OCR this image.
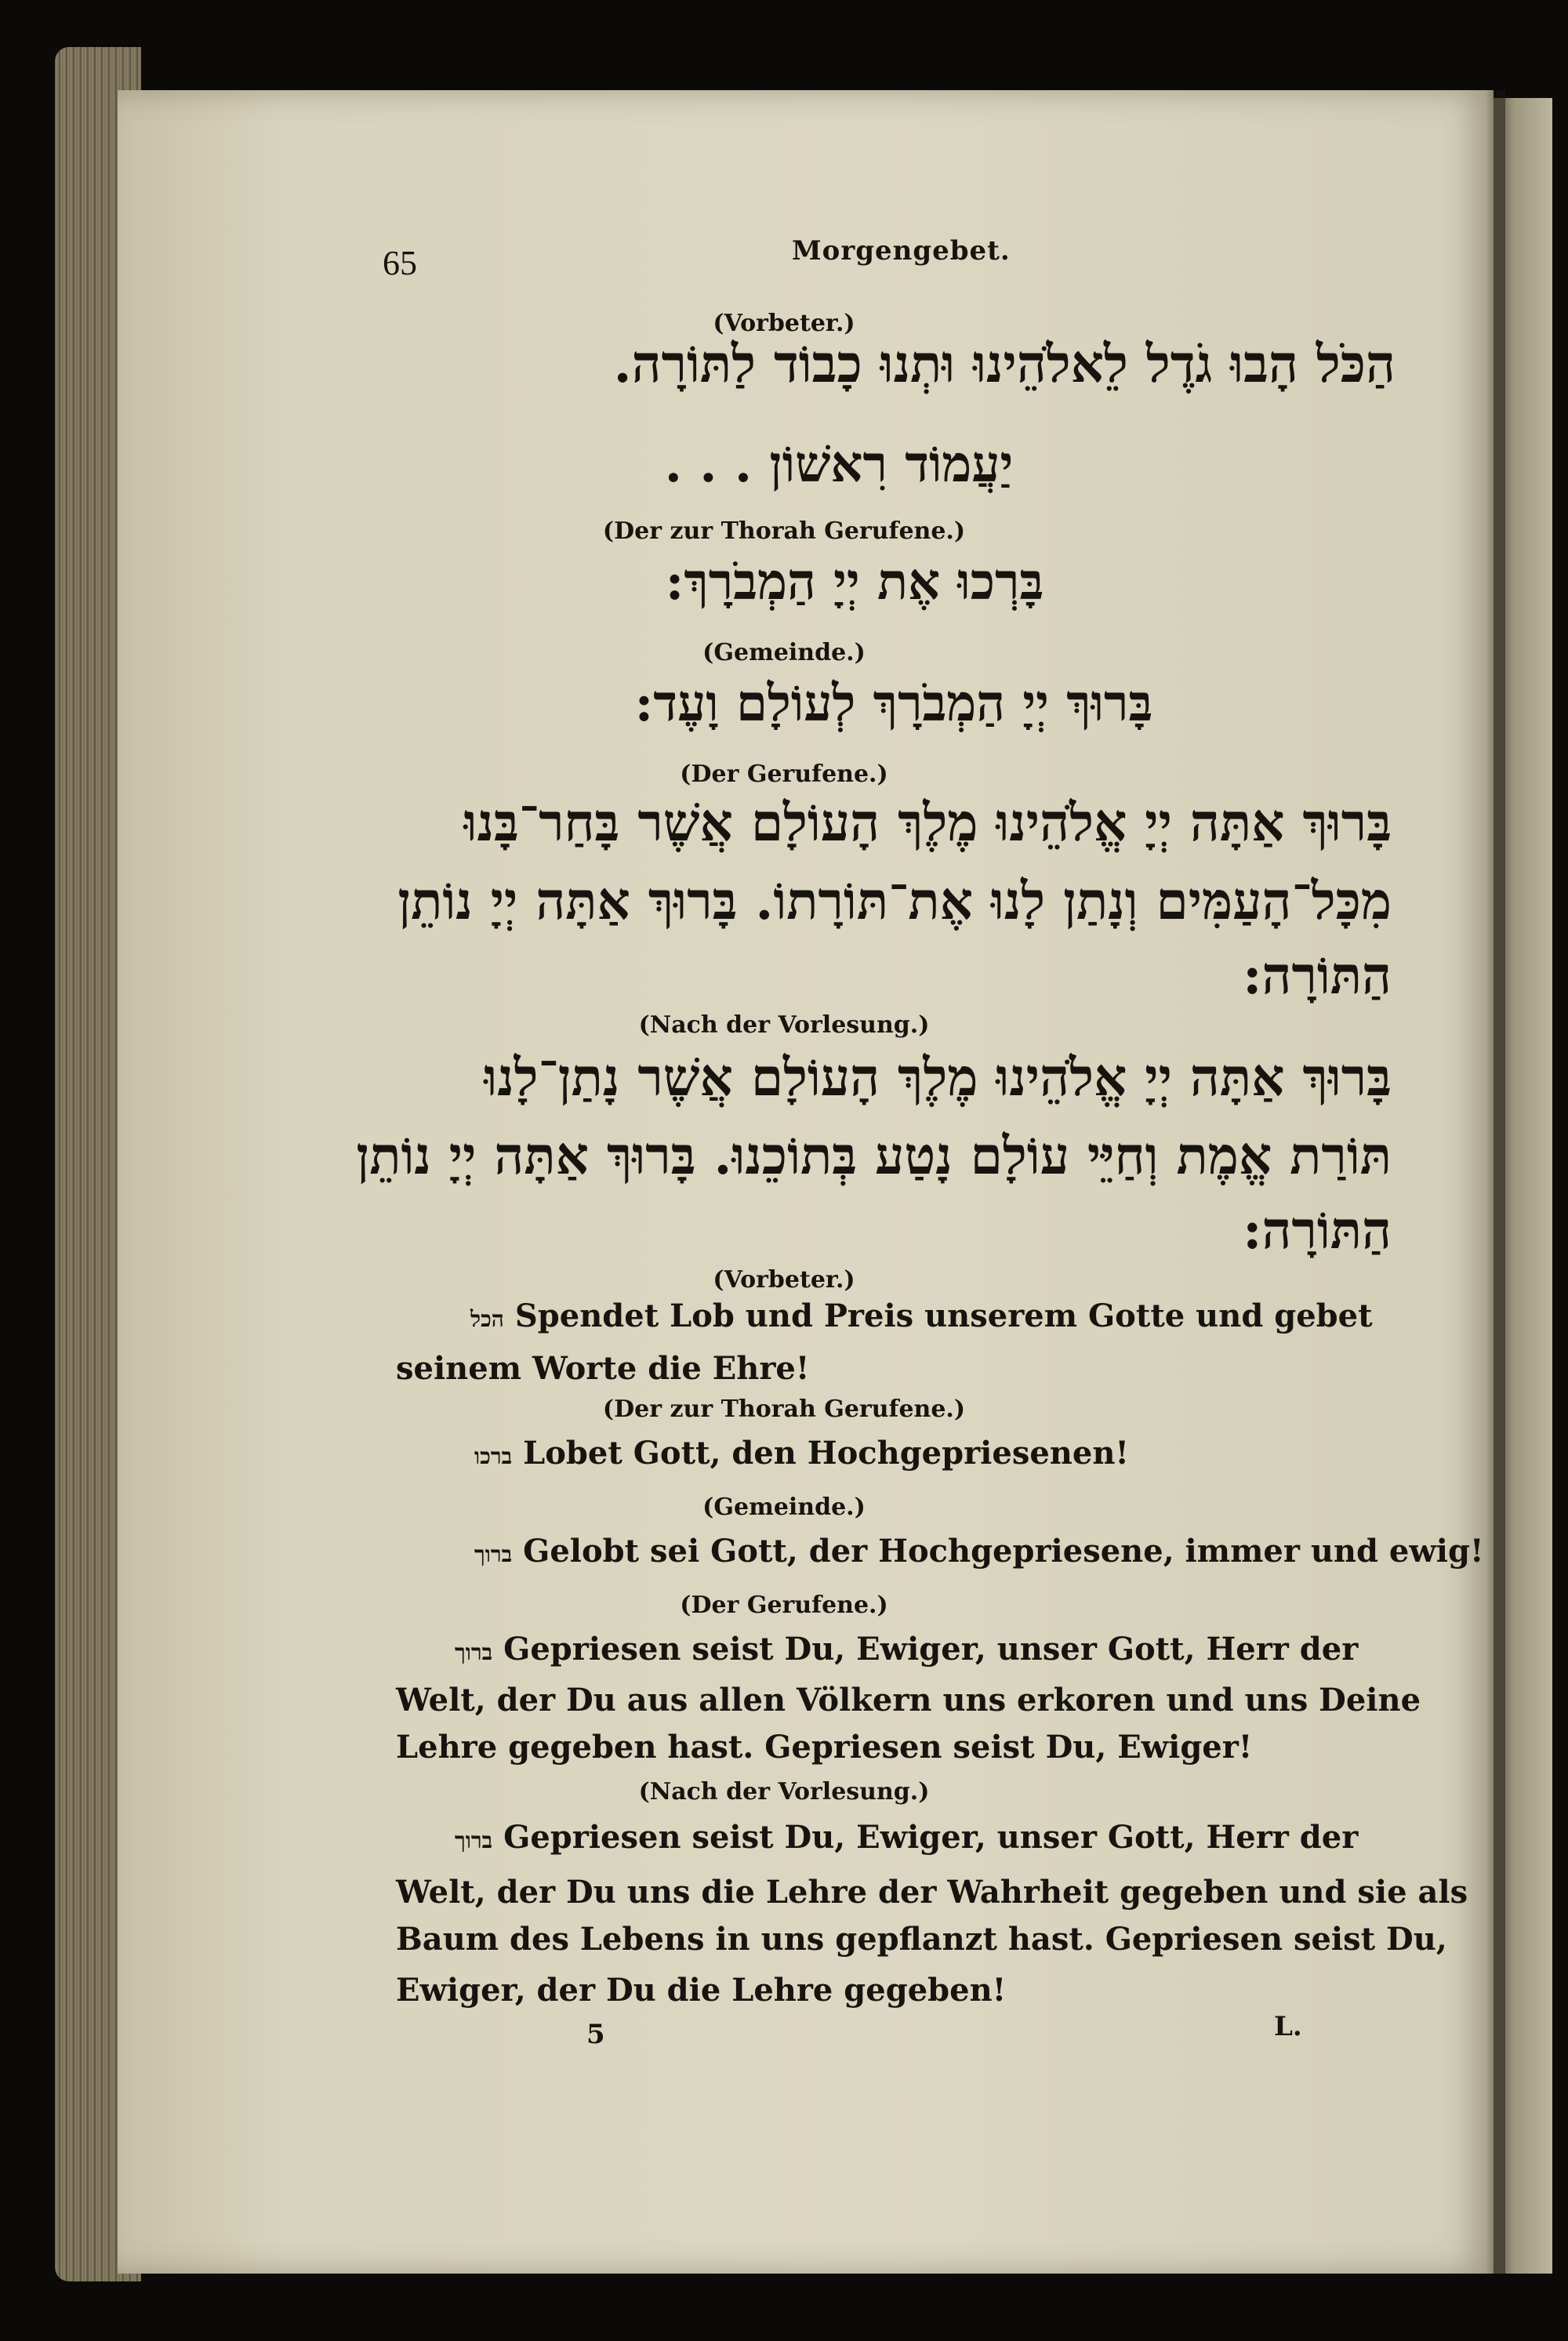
65	Morgengebet.
(Vorbeter.)
הַכֹּל הָבוּ גֹדֶל לֵאלֹהֵינוּ וּתְנוּ כָבוֹד לַתּוֹרָה.
יַעֲמוֹד רִאשׁוֹן . . .
(Der zur Thorah Gerufene.)
בָּרְכוּ אֶת יְיָ הַמְבֹרָךְ:
(Gemeinde.)
בָּרוּךְ יְיָ הַמְבֹרָךְ לְעוֹלָם וָעֶד:
(Der Gerufene.)
בָּרוּךְ אַתָּה יְיָ אֱלֹהֵינוּ מֶלֶךְ הָעוֹלָם אֲשֶׁר בָּחַר־בָּנוּ
מִכָּל־הָעַמִּים וְנָתַן לָנוּ אֶת־תּוֹרָתוֹ. בָּרוּךְ אַתָּה יְיָ נוֹתֵן
הַתּוֹרָה:
(Nach der Vorlesung.)
בָּרוּךְ אַתָּה יְיָ אֱלֹהֵינוּ מֶלֶךְ הָעוֹלָם אֲשֶׁר נָתַן־לָנוּ
תּוֹרַת אֱמֶת וְחַיֵּי עוֹלָם נָטַע בְּתוֹכֵנוּ. בָּרוּךְ אַתָּה יְיָ נוֹתֵן
הַתּוֹרָה:
(Vorbeter.)
הכל Spendet Lob und Preis unserem Gotte und gebet
seinem Worte die Ehre!
(Der zur Thorah Gerufene.)
ברכו Lobet Gott, den Hochgepriesenen!
(Gemeinde.)
ברוך Gelobt sei Gott, der Hochgepriesene, immer und ewig!
(Der Gerufene.)
ברוך Gepriesen seist Du, Ewiger, unser Gott, Herr der
Welt, der Du aus allen Völkern uns erkoren und uns Deine
Lehre gegeben hast. Gepriesen seist Du, Ewiger!
(Nach der Vorlesung.)
ברוך Gepriesen seist Du, Ewiger, unser Gott, Herr der
Welt, der Du uns die Lehre der Wahrheit gegeben und sie als
Baum des Lebens in uns gepflanzt hast. Gepriesen seist Du,
Ewiger, der Du die Lehre gegeben!
5	L.
